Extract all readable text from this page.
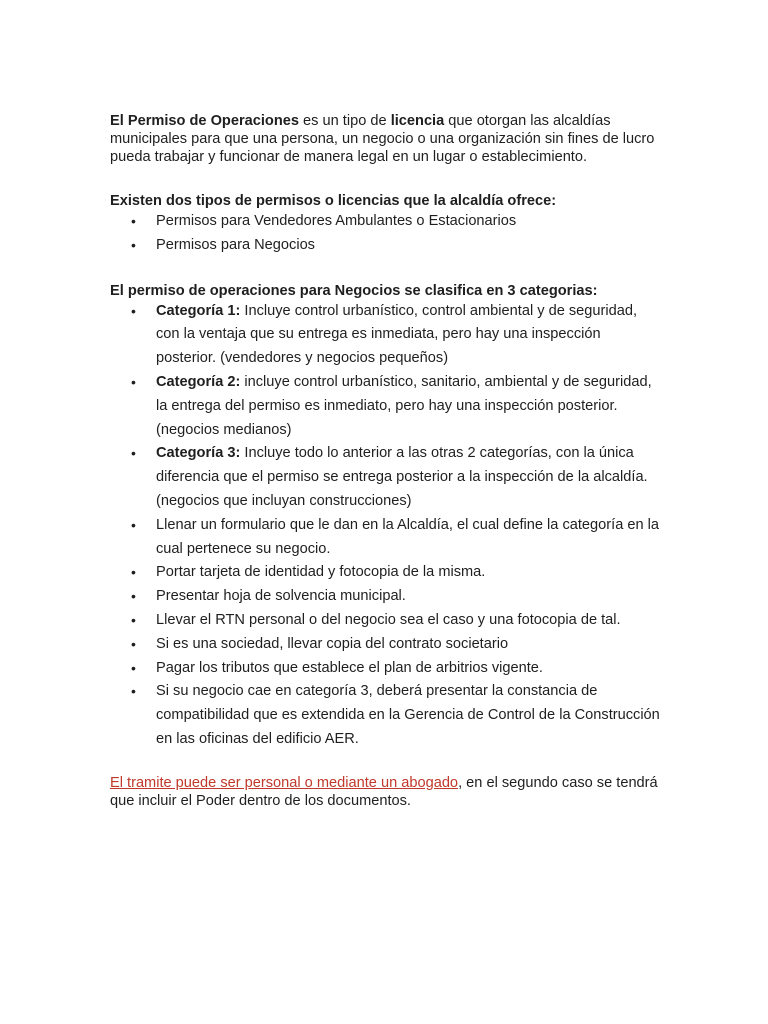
El Permiso de Operaciones es un tipo de licencia que otorgan las alcaldías municipales para que una persona, un negocio o una organización sin fines de lucro pueda trabajar y funcionar de manera legal en un lugar o establecimiento.

Existen dos tipos de permisos o licencias que la alcaldía ofrece:

• Permisos para Vendedores Ambulantes o Estacionarios
• Permisos para Negocios

El permiso de operaciones para Negocios se clasifica en 3 categorias:

• Categoría 1: Incluye control urbanístico, control ambiental y de seguridad, con la ventaja que su entrega es inmediata, pero hay una inspección posterior. (vendedores y negocios pequeños)
• Categoría 2: incluye control urbanístico, sanitario, ambiental y de seguridad, la entrega del permiso es inmediato, pero hay una inspección posterior. (negocios medianos)
• Categoría 3: Incluye todo lo anterior a las otras 2 categorías, con la única diferencia que el permiso se entrega posterior a la inspección de la alcaldía. (negocios que incluyan construcciones)
• Llenar un formulario que le dan en la Alcaldía, el cual define la categoría en la cual pertenece su negocio.
• Portar tarjeta de identidad y fotocopia de la misma.
• Presentar hoja de solvencia municipal.
• Llevar el RTN personal o del negocio sea el caso y una fotocopia de tal.
• Si es una sociedad, llevar copia del contrato societario
• Pagar los tributos que establece el plan de arbitrios vigente.
• Si su negocio cae en categoría 3, deberá presentar la constancia de compatibilidad que es extendida en la Gerencia de Control de la Construcción en las oficinas del edificio AER.

El tramite puede ser personal o mediante un abogado, en el segundo caso se tendrá que incluir el Poder dentro de los documentos.
